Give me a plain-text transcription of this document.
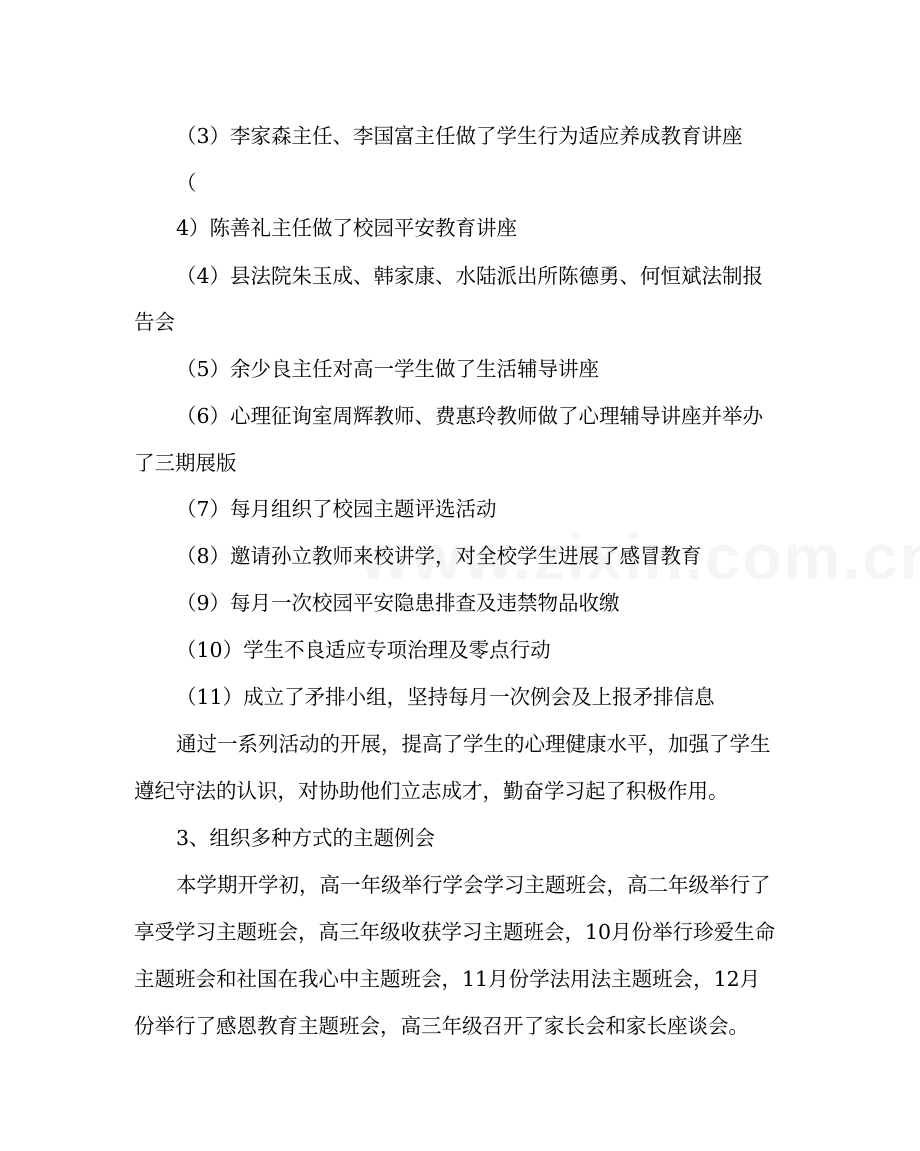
（3）李家森主任、李国富主任做了学生行为适应养成教育讲座
（
4）陈善礼主任做了校园平安教育讲座
（4）县法院朱玉成、韩家康、水陆派出所陈德勇、何恒斌法制报
告会
（5）余少良主任对高一学生做了生活辅导讲座
（6）心理征询室周辉教师、费惠玲教师做了心理辅导讲座并举办
了三期展版
（7）每月组织了校园主题评选活动
（8）邀请孙立教师来校讲学，对全校学生进展了感冒教育
（9）每月一次校园平安隐患排查及违禁物品收缴
（10）学生不良适应专项治理及零点行动
（11）成立了矛排小组，坚持每月一次例会及上报矛排信息
通过一系列活动的开展，提高了学生的心理健康水平，加强了学生
遵纪守法的认识，对协助他们立志成才，勤奋学习起了积极作用。
3、组织多种方式的主题例会
本学期开学初，高一年级举行学会学习主题班会，高二年级举行了
享受学习主题班会，高三年级收获学习主题班会，10月份举行珍爱生命
主题班会和社国在我心中主题班会，11月份学法用法主题班会，12月
份举行了感恩教育主题班会，高三年级召开了家长会和家长座谈会。
